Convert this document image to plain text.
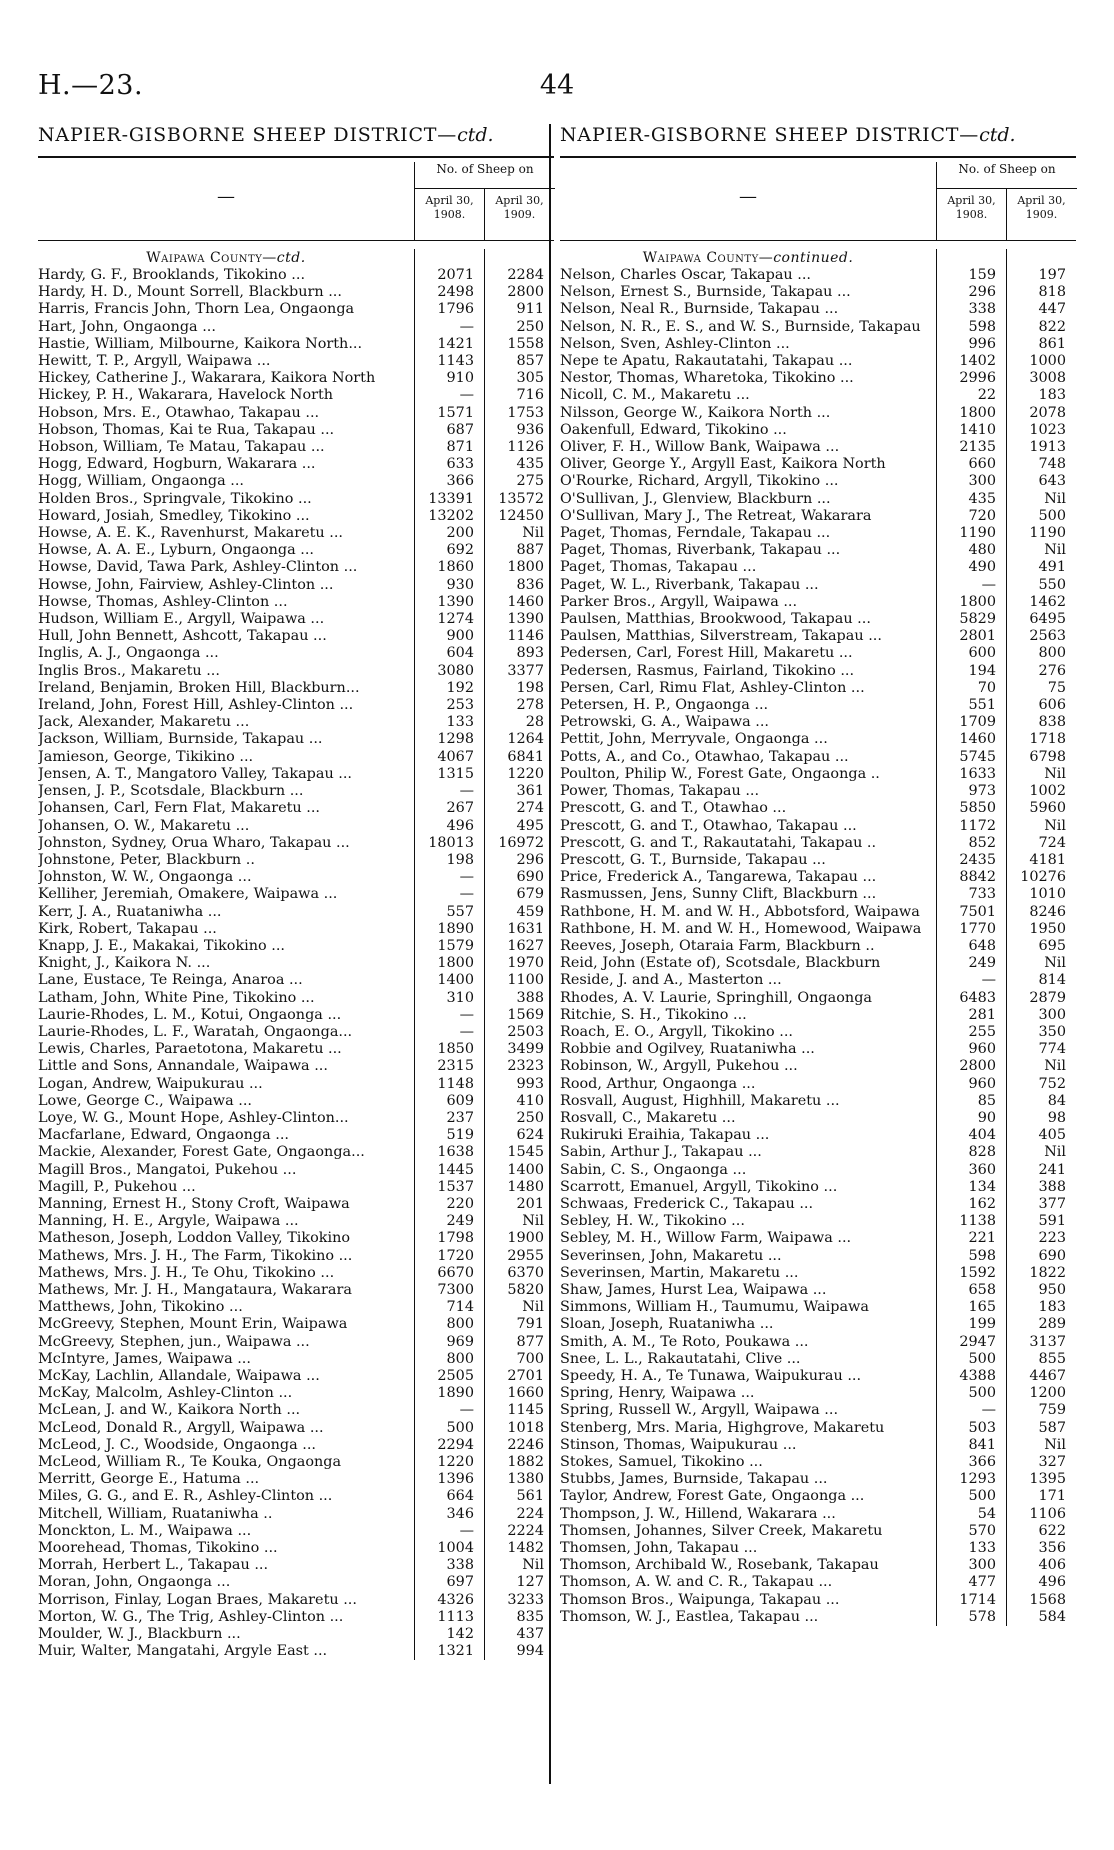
H.—23.	44
NAPIER-GISBORNE SHEEP DISTRICT—ctd.
—
No. of Sheep on
April 30, 1908.
April 30, 1909.
Waipawa County—ctd.
Hardy, G. F., Brooklands, Tikokino ...	2071	2284
Hardy, H. D., Mount Sorrell, Blackburn ...	2498	2800
Harris, Francis John, Thorn Lea, Ongaonga	1796	911
Hart, John, Ongaonga ...	—	250
Hastie, William, Milbourne, Kaikora North...	1421	1558
Hewitt, T. P., Argyll, Waipawa ...	1143	857
Hickey, Catherine J., Wakarara, Kaikora North	910	305
Hickey, P. H., Wakarara, Havelock North	—	716
Hobson, Mrs. E., Otawhao, Takapau ...	1571	1753
Hobson, Thomas, Kai te Rua, Takapau ...	687	936
Hobson, William, Te Matau, Takapau ...	871	1126
Hogg, Edward, Hogburn, Wakarara ...	633	435
Hogg, William, Ongaonga ...	366	275
Holden Bros., Springvale, Tikokino ...	13391	13572
Howard, Josiah, Smedley, Tikokino ...	13202	12450
Howse, A. E. K., Ravenhurst, Makaretu ...	200	Nil
Howse, A. A. E., Lyburn, Ongaonga ...	692	887
Howse, David, Tawa Park, Ashley-Clinton ...	1860	1800
Howse, John, Fairview, Ashley-Clinton ...	930	836
Howse, Thomas, Ashley-Clinton ...	1390	1460
Hudson, William E., Argyll, Waipawa ...	1274	1390
Hull, John Bennett, Ashcott, Takapau ...	900	1146
Inglis, A. J., Ongaonga ...	604	893
Inglis Bros., Makaretu ...	3080	3377
Ireland, Benjamin, Broken Hill, Blackburn...	192	198
Ireland, John, Forest Hill, Ashley-Clinton ...	253	278
Jack, Alexander, Makaretu ...	133	28
Jackson, William, Burnside, Takapau ...	1298	1264
Jamieson, George, Tikikino ...	4067	6841
Jensen, A. T., Mangatoro Valley, Takapau ...	1315	1220
Jensen, J. P., Scotsdale, Blackburn ...	—	361
Johansen, Carl, Fern Flat, Makaretu ...	267	274
Johansen, O. W., Makaretu ...	496	495
Johnston, Sydney, Orua Wharo, Takapau ...	18013	16972
Johnstone, Peter, Blackburn ..	198	296
Johnston, W. W., Ongaonga ...	—	690
Kelliher, Jeremiah, Omakere, Waipawa ...	—	679
Kerr, J. A., Ruataniwha ...	557	459
Kirk, Robert, Takapau ...	1890	1631
Knapp, J. E., Makakai, Tikokino ...	1579	1627
Knight, J., Kaikora N. ...	1800	1970
Lane, Eustace, Te Reinga, Anaroa ...	1400	1100
Latham, John, White Pine, Tikokino ...	310	388
Laurie-Rhodes, L. M., Kotui, Ongaonga ...	—	1569
Laurie-Rhodes, L. F., Waratah, Ongaonga...	—	2503
Lewis, Charles, Paraetotona, Makaretu ...	1850	3499
Little and Sons, Annandale, Waipawa ...	2315	2323
Logan, Andrew, Waipukurau ...	1148	993
Lowe, George C., Waipawa ...	609	410
Loye, W. G., Mount Hope, Ashley-Clinton...	237	250
Macfarlane, Edward, Ongaonga ...	519	624
Mackie, Alexander, Forest Gate, Ongaonga...	1638	1545
Magill Bros., Mangatoi, Pukehou ...	1445	1400
Magill, P., Pukehou ...	1537	1480
Manning, Ernest H., Stony Croft, Waipawa	220	201
Manning, H. E., Argyle, Waipawa ...	249	Nil
Matheson, Joseph, Loddon Valley, Tikokino	1798	1900
Mathews, Mrs. J. H., The Farm, Tikokino ...	1720	2955
Mathews, Mrs. J. H., Te Ohu, Tikokino ...	6670	6370
Mathews, Mr. J. H., Mangataura, Wakarara	7300	5820
Matthews, John, Tikokino ...	714	Nil
McGreevy, Stephen, Mount Erin, Waipawa	800	791
McGreevy, Stephen, jun., Waipawa ...	969	877
McIntyre, James, Waipawa ...	800	700
McKay, Lachlin, Allandale, Waipawa ...	2505	2701
McKay, Malcolm, Ashley-Clinton ...	1890	1660
McLean, J. and W., Kaikora North ...	—	1145
McLeod, Donald R., Argyll, Waipawa ...	500	1018
McLeod, J. C., Woodside, Ongaonga ...	2294	2246
McLeod, William R., Te Kouka, Ongaonga	1220	1882
Merritt, George E., Hatuma ...	1396	1380
Miles, G. G., and E. R., Ashley-Clinton ...	664	561
Mitchell, William, Ruataniwha ..	346	224
Monckton, L. M., Waipawa ...	—	2224
Moorehead, Thomas, Tikokino ...	1004	1482
Morrah, Herbert L., Takapau ...	338	Nil
Moran, John, Ongaonga ...	697	127
Morrison, Finlay, Logan Braes, Makaretu ...	4326	3233
Morton, W. G., The Trig, Ashley-Clinton ...	1113	835
Moulder, W. J., Blackburn ...	142	437
Muir, Walter, Mangatahi, Argyle East ...	1321	994
NAPIER-GISBORNE SHEEP DISTRICT—ctd.
—
No. of Sheep on
April 30, 1908.
April 30, 1909.
Waipawa County—continued.
Nelson, Charles Oscar, Takapau ...	159	197
Nelson, Ernest S., Burnside, Takapau ...	296	818
Nelson, Neal R., Burnside, Takapau ...	338	447
Nelson, N. R., E. S., and W. S., Burnside, Takapau	598	822
Nelson, Sven, Ashley-Clinton ...	996	861
Nepe te Apatu, Rakautatahi, Takapau ...	1402	1000
Nestor, Thomas, Wharetoka, Tikokino ...	2996	3008
Nicoll, C. M., Makaretu ...	22	183
Nilsson, George W., Kaikora North ...	1800	2078
Oakenfull, Edward, Tikokino ...	1410	1023
Oliver, F. H., Willow Bank, Waipawa ...	2135	1913
Oliver, George Y., Argyll East, Kaikora North	660	748
O'Rourke, Richard, Argyll, Tikokino ...	300	643
O'Sullivan, J., Glenview, Blackburn ...	435	Nil
O'Sullivan, Mary J., The Retreat, Wakarara	720	500
Paget, Thomas, Ferndale, Takapau ...	1190	1190
Paget, Thomas, Riverbank, Takapau ...	480	Nil
Paget, Thomas, Takapau ...	490	491
Paget, W. L., Riverbank, Takapau ...	—	550
Parker Bros., Argyll, Waipawa ...	1800	1462
Paulsen, Matthias, Brookwood, Takapau ...	5829	6495
Paulsen, Matthias, Silverstream, Takapau ...	2801	2563
Pedersen, Carl, Forest Hill, Makaretu ...	600	800
Pedersen, Rasmus, Fairland, Tikokino ...	194	276
Persen, Carl, Rimu Flat, Ashley-Clinton ...	70	75
Petersen, H. P., Ongaonga ...	551	606
Petrowski, G. A., Waipawa ...	1709	838
Pettit, John, Merryvale, Ongaonga ...	1460	1718
Potts, A., and Co., Otawhao, Takapau ...	5745	6798
Poulton, Philip W., Forest Gate, Ongaonga ..	1633	Nil
Power, Thomas, Takapau ...	973	1002
Prescott, G. and T., Otawhao ...	5850	5960
Prescott, G. and T., Otawhao, Takapau ...	1172	Nil
Prescott, G. and T., Rakautatahi, Takapau ..	852	724
Prescott, G. T., Burnside, Takapau ...	2435	4181
Price, Frederick A., Tangarewa, Takapau ...	8842	10276
Rasmussen, Jens, Sunny Clift, Blackburn ...	733	1010
Rathbone, H. M. and W. H., Abbotsford, Waipawa	7501	8246
Rathbone, H. M. and W. H., Homewood, Waipawa	1770	1950
Reeves, Joseph, Otaraia Farm, Blackburn ..	648	695
Reid, John (Estate of), Scotsdale, Blackburn	249	Nil
Reside, J. and A., Masterton ...	—	814
Rhodes, A. V. Laurie, Springhill, Ongaonga	6483	2879
Ritchie, S. H., Tikokino ...	281	300
Roach, E. O., Argyll, Tikokino ...	255	350
Robbie and Ogilvey, Ruataniwha ...	960	774
Robinson, W., Argyll, Pukehou ...	2800	Nil
Rood, Arthur, Ongaonga ...	960	752
Rosvall, August, Highhill, Makaretu ...	85	84
Rosvall, C., Makaretu ...	90	98
Rukiruki Eraihia, Takapau ...	404	405
Sabin, Arthur J., Takapau ...	828	Nil
Sabin, C. S., Ongaonga ...	360	241
Scarrott, Emanuel, Argyll, Tikokino ...	134	388
Schwaas, Frederick C., Takapau ...	162	377
Sebley, H. W., Tikokino ...	1138	591
Sebley, M. H., Willow Farm, Waipawa ...	221	223
Severinsen, John, Makaretu ...	598	690
Severinsen, Martin, Makaretu ...	1592	1822
Shaw, James, Hurst Lea, Waipawa ...	658	950
Simmons, William H., Taumumu, Waipawa	165	183
Sloan, Joseph, Ruataniwha ...	199	289
Smith, A. M., Te Roto, Poukawa ...	2947	3137
Snee, L. L., Rakautatahi, Clive ...	500	855
Speedy, H. A., Te Tunawa, Waipukurau ...	4388	4467
Spring, Henry, Waipawa ...	500	1200
Spring, Russell W., Argyll, Waipawa ...	—	759
Stenberg, Mrs. Maria, Highgrove, Makaretu	503	587
Stinson, Thomas, Waipukurau ...	841	Nil
Stokes, Samuel, Tikokino ...	366	327
Stubbs, James, Burnside, Takapau ...	1293	1395
Taylor, Andrew, Forest Gate, Ongaonga ...	500	171
Thompson, J. W., Hillend, Wakarara ...	54	1106
Thomsen, Johannes, Silver Creek, Makaretu	570	622
Thomsen, John, Takapau ...	133	356
Thomson, Archibald W., Rosebank, Takapau	300	406
Thomson, A. W. and C. R., Takapau ...	477	496
Thomson Bros., Waipunga, Takapau ...	1714	1568
Thomson, W. J., Eastlea, Takapau ...	578	584
